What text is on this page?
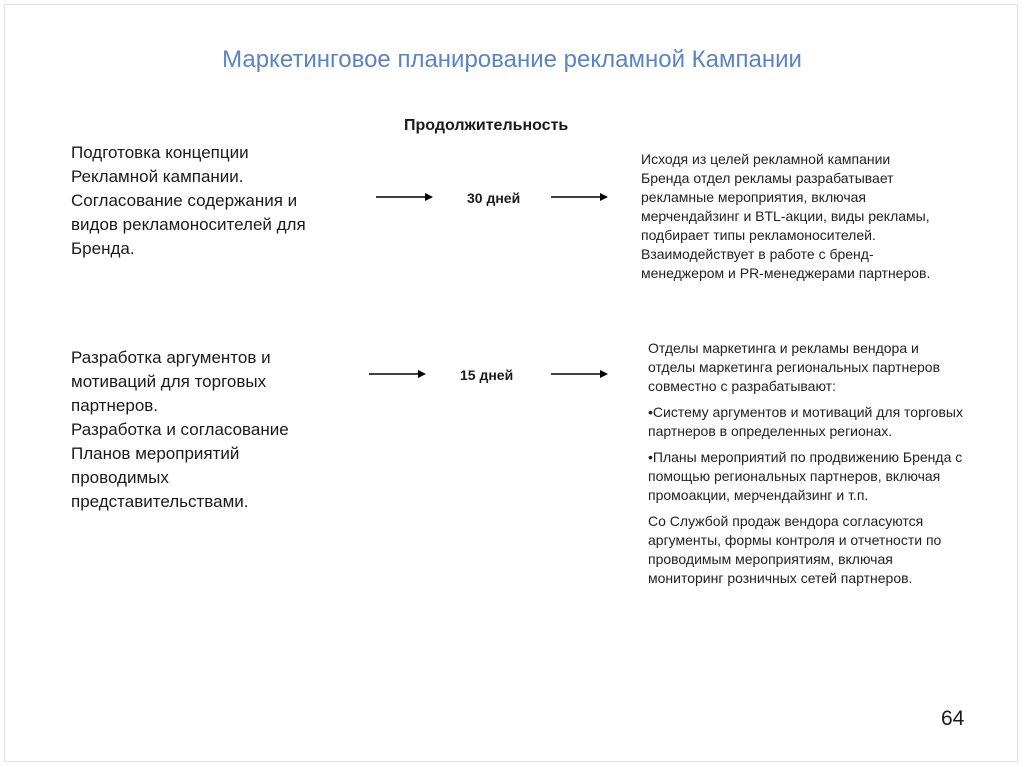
Маркетинговое планирование рекламной Кампании
Продолжительность

Подготовка концепции Рекламной кампании.

Согласование содержания и видов рекламоносителей для Бренда.

30 дней

Исходя из целей рекламной кампании Бренда отдел рекламы разрабатывает рекламные мероприятия, включая мерчендайзинг и BTL-акции, виды рекламы, подбирает типы рекламоносителей. Взаимодействует в работе с бренд-менеджером и PR-менеджерами партнеров.

Разработка аргументов и мотиваций для торговых партнеров.

Разработка и согласование Планов мероприятий проводимых представительствами.

15 дней

Отделы маркетинга и рекламы вендора и отделы маркетинга региональных партнеров совместно с разрабатывают:

•Систему аргументов и мотиваций для торговых партнеров в определенных регионах.

•Планы мероприятий по продвижению Бренда с помощью региональных партнеров, включая промоакции, мерчендайзинг и т.п.

Со Службой продаж вендора согласуются аргументы, формы контроля и отчетности по проводимым мероприятиям, включая мониторинг розничных сетей партнеров.

64
